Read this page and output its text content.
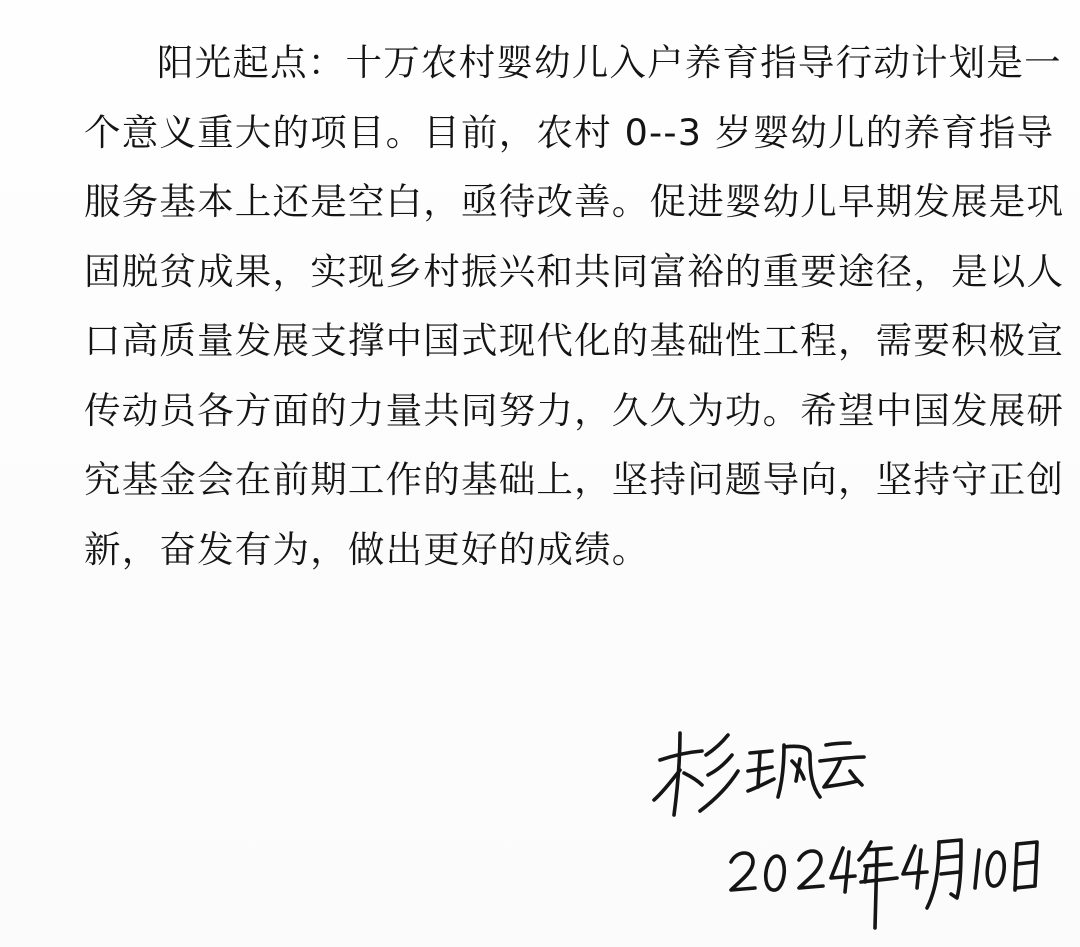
阳光起点：十万农村婴幼儿入户养育指导行动计划是一
个意义重大的项目。目前，农村 0--3 岁婴幼儿的养育指导
服务基本上还是空白，亟待改善。促进婴幼儿早期发展是巩
固脱贫成果，实现乡村振兴和共同富裕的重要途径，是以人
口高质量发展支撑中国式现代化的基础性工程，需要积极宣
传动员各方面的力量共同努力，久久为功。希望中国发展研
究基金会在前期工作的基础上，坚持问题导向，坚持守正创
新，奋发有为，做出更好的成绩。
